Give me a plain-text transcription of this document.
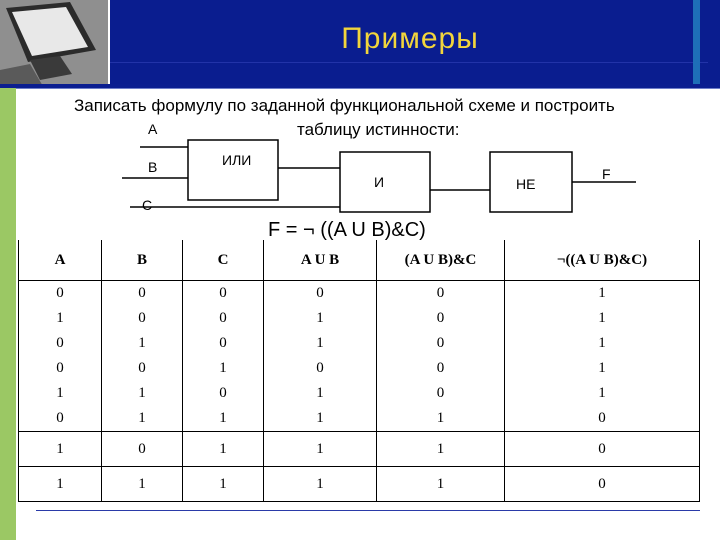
Примеры
Записать формулу по заданной функциональной схеме и построить
таблицу истинности:
A
B
C
ИЛИ
И	НЕ
F
F = ¬ ((A U B)&C)
A	B	C	A U B	(A U B)&C	¬((A U B)&C)
0	0	0	0	0	1
1	0	0	1	0	1
0	1	0	1	0	1
0	0	1	0	0	1
1	1	0	1	0	1
0	1	1	1	1	0
1	0	1	1	1	0
1	1	1	1	1	0
